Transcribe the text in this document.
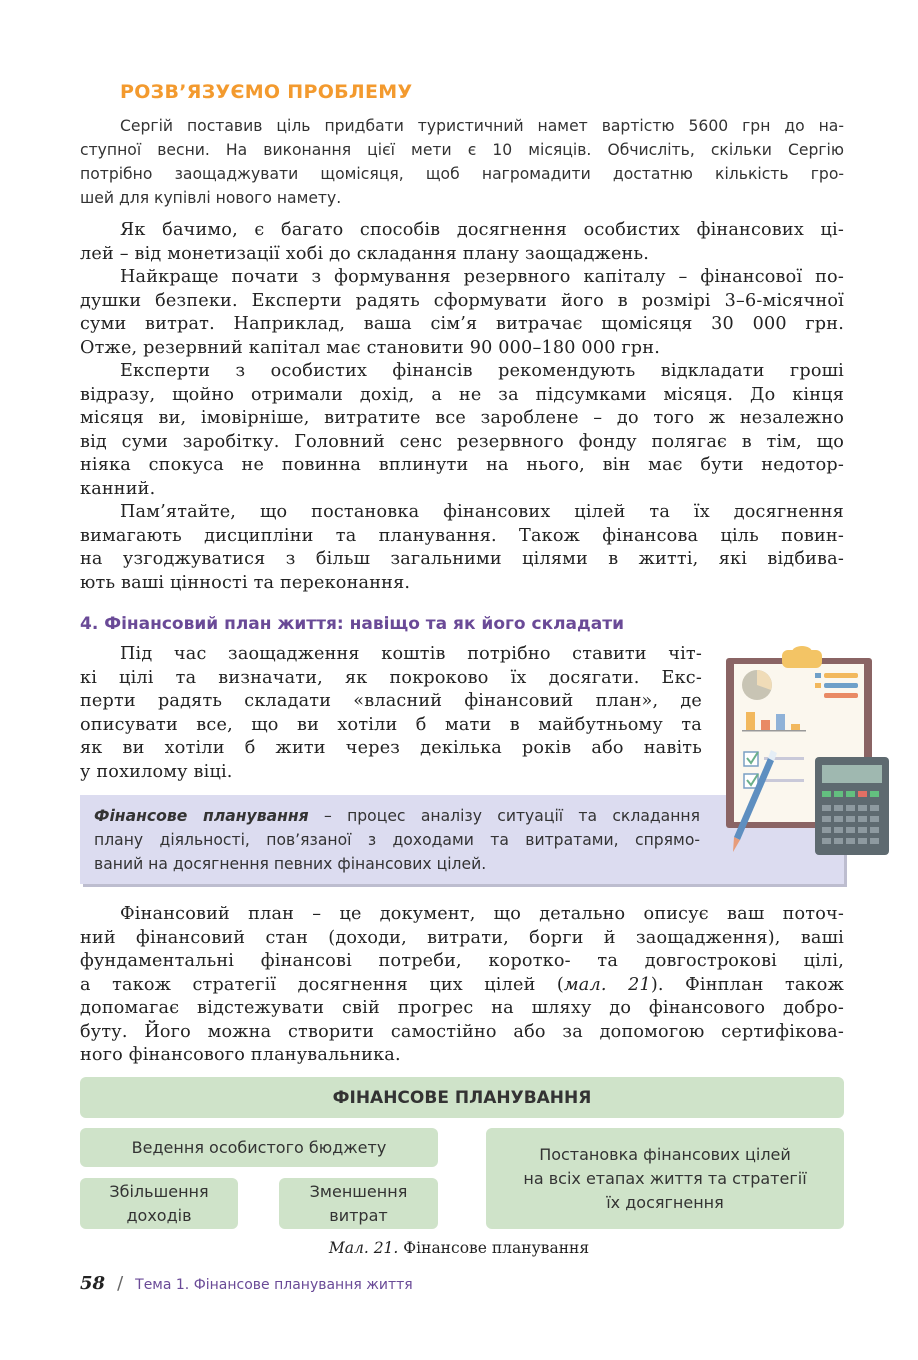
РОЗВ’ЯЗУЄМО ПРОБЛЕМУ
Сергій поставив ціль придбати туристичний намет вартістю 5600 грн до на-
ступної весни. На виконання цієї мети є 10 місяців. Обчисліть, скільки Сергію
потрібно заощаджувати щомісяця, щоб нагромадити достатню кількість гро-
шей для купівлі нового намету.
Як бачимо, є багато способів досягнення особистих фінансових ці-
лей – від монетизації хобі до складання плану заощаджень.
Найкраще почати з формування резервного капіталу – фінансової по-
душки безпеки. Експерти радять сформувати його в розмірі 3–6-місячної
суми витрат. Наприклад, ваша сім’я витрачає щомісяця 30 000 грн.
Отже, резервний капітал має становити 90 000–180 000 грн.
Експерти з особистих фінансів рекомендують відкладати гроші
відразу, щойно отримали дохід, а не за підсумками місяця. До кінця
місяця ви, імовірніше, витратите все зароблене – до того ж незалежно
від суми заробітку. Головний сенс резервного фонду полягає в тім, що
ніяка спокуса не повинна вплинути на нього, він має бути недотор-
канний.
Пам’ятайте, що постановка фінансових цілей та їх досягнення
вимагають дисципліни та планування. Також фінансова ціль повин-
на узгоджуватися з більш загальними цілями в житті, які відбива-
ють ваші цінності та переконання.
4. Фінансовий план життя: навіщо та як його складати
Під час заощадження коштів потрібно ставити чіт-
кі цілі та визначати, як покроково їх досягати. Екс-
перти радять складати «власний фінансовий план», де
описувати все, що ви хотіли б мати в майбутньому та
як ви хотіли б жити через декілька років або навіть
у похилому віці.
Фінансове планування – процес аналізу ситуації та складання
плану діяльності, пов’язаної з доходами та витратами, спрямо-
ваний на досягнення певних фінансових цілей.
Фінансовий план – це документ, що детально описує ваш поточ-
ний фінансовий стан (доходи, витрати, борги й заощадження), ваші
фундаментальні фінансові потреби, коротко- та довгострокові цілі,
а також стратегії досягнення цих цілей (мал. 21). Фінплан також
допомагає відстежувати свій прогрес на шляху до фінансового добро-
буту. Його можна створити самостійно або за допомогою сертифікова-
ного фінансового планувальника.
ФІНАНСОВЕ ПЛАНУВАННЯ
Ведення особистого бюджету
Збільшення
доходів
Зменшення
витрат
Постановка фінансових цілей
на всіх етапах життя та стратегії
їх досягнення
Мал. 21. Фінансове планування
58 / Тема 1. Фінансове планування життя
